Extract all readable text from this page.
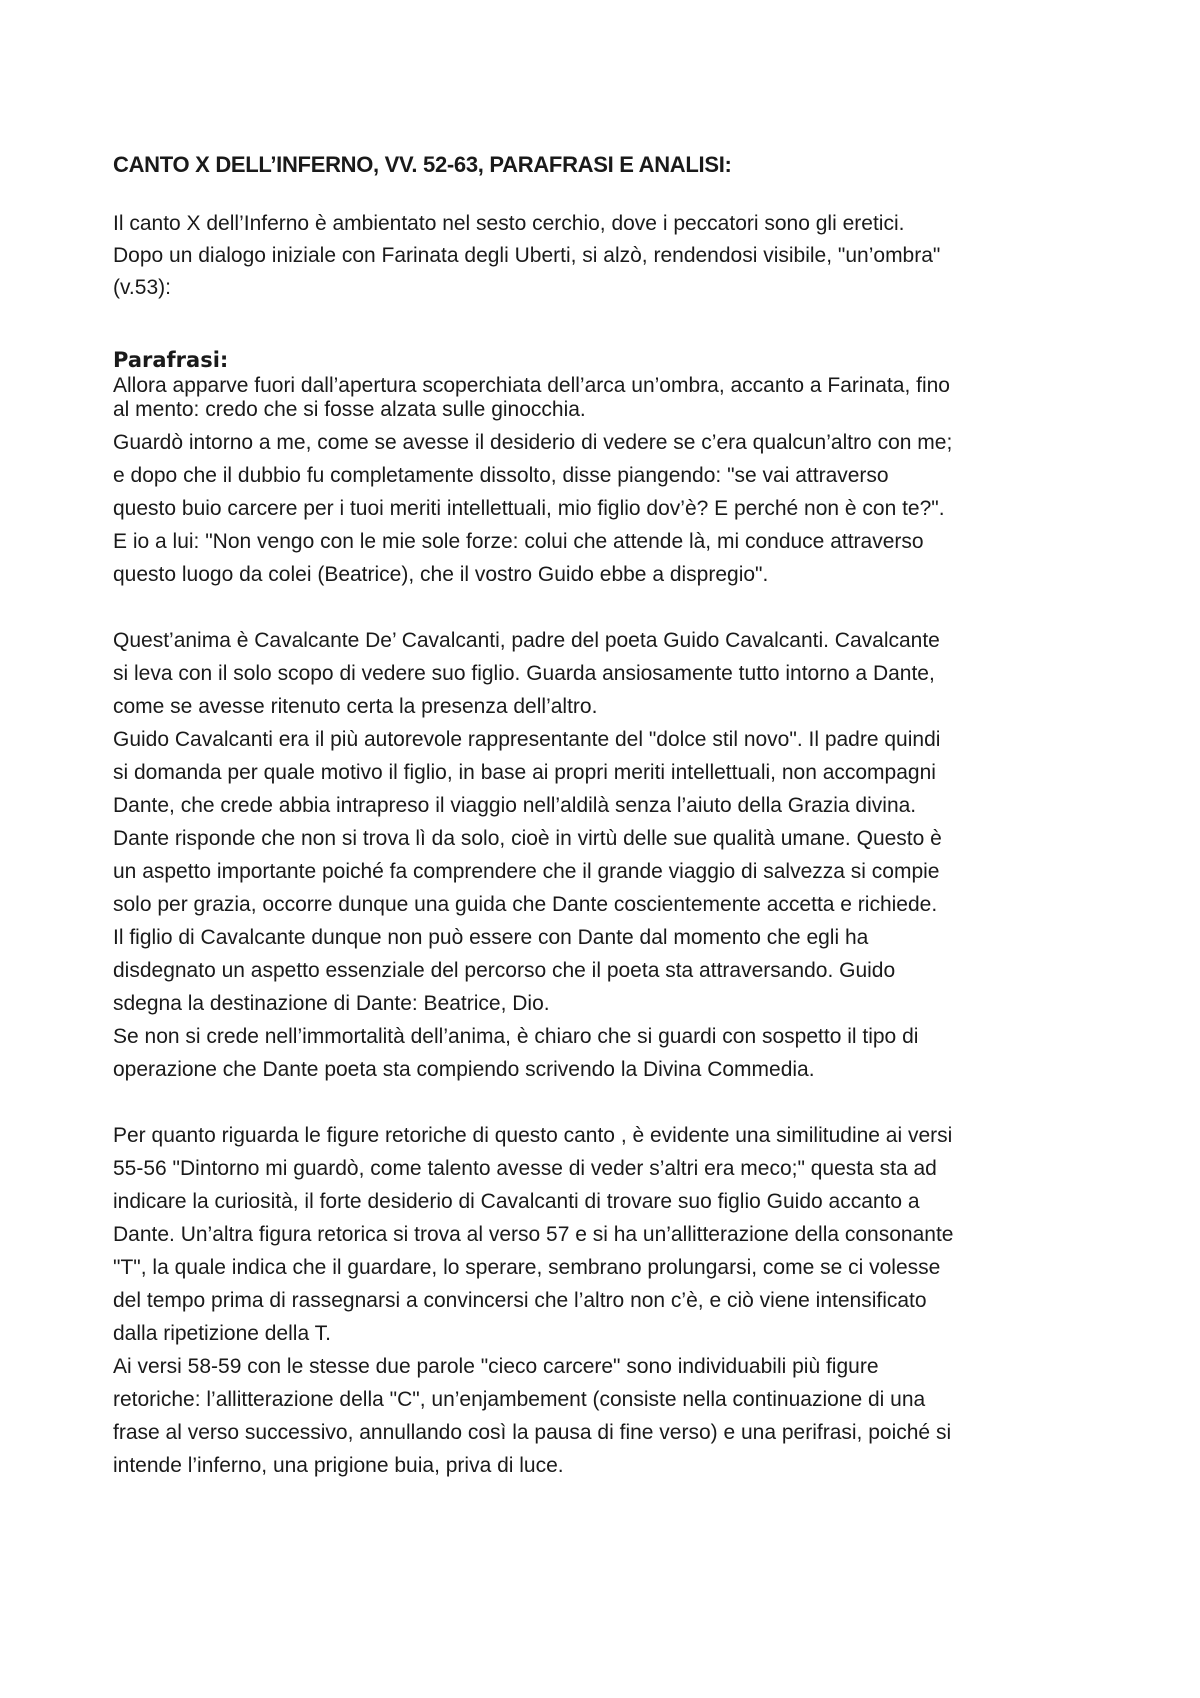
CANTO X DELL’INFERNO, VV. 52-63, PARAFRASI E ANALISI:

Il canto X dell’Inferno è ambientato nel sesto cerchio, dove i peccatori sono gli eretici.
Dopo un dialogo iniziale con Farinata degli Uberti, si alzò, rendendosi visibile, "un’ombra"
(v.53):

Parafrasi:

Allora apparve fuori dall’apertura scoperchiata dell’arca un’ombra, accanto a Farinata, fino
al mento: credo che si fosse alzata sulle ginocchia.

Guardò intorno a me, come se avesse il desiderio di vedere se c’era qualcun’altro con me;
e dopo che il dubbio fu completamente dissolto, disse piangendo: "se vai attraverso
questo buio carcere per i tuoi meriti intellettuali, mio figlio dov’è? E perché non è con te?".
E io a lui: "Non vengo con le mie sole forze: colui che attende là, mi conduce attraverso
questo luogo da colei (Beatrice), che il vostro Guido ebbe a dispregio".

Quest’anima è Cavalcante De’ Cavalcanti, padre del poeta Guido Cavalcanti. Cavalcante
si leva con il solo scopo di vedere suo figlio. Guarda ansiosamente tutto intorno a Dante,
come se avesse ritenuto certa la presenza dell’altro.
Guido Cavalcanti era il più autorevole rappresentante del "dolce stil novo". Il padre quindi
si domanda per quale motivo il figlio, in base ai propri meriti intellettuali, non accompagni
Dante, che crede abbia intrapreso il viaggio nell’aldilà senza l’aiuto della Grazia divina.
Dante risponde che non si trova lì da solo, cioè in virtù delle sue qualità umane. Questo è
un aspetto importante poiché fa comprendere che il grande viaggio di salvezza si compie
solo per grazia, occorre dunque una guida che Dante coscientemente accetta e richiede.
Il figlio di Cavalcante dunque non può essere con Dante dal momento che egli ha
disdegnato un aspetto essenziale del percorso che il poeta sta attraversando. Guido
sdegna la destinazione di Dante: Beatrice, Dio.
Se non si crede nell’immortalità dell’anima, è chiaro che si guardi con sospetto il tipo di
operazione che Dante poeta sta compiendo scrivendo la Divina Commedia.

Per quanto riguarda le figure retoriche di questo canto , è evidente una similitudine ai versi
55-56 "Dintorno mi guardò, come talento avesse di veder s’altri era meco;" questa sta ad
indicare la curiosità, il forte desiderio di Cavalcanti di trovare suo figlio Guido accanto a
Dante. Un’altra figura retorica si trova al verso 57 e si ha un’allitterazione della consonante
"T", la quale indica che il guardare, lo sperare, sembrano prolungarsi, come se ci volesse
del tempo prima di rassegnarsi a convincersi che l’altro non c’è, e ciò viene intensificato
dalla ripetizione della T.
Ai versi 58-59 con le stesse due parole "cieco carcere" sono individuabili più figure
retoriche: l’allitterazione della "C", un’enjambement (consiste nella continuazione di una
frase al verso successivo, annullando così la pausa di fine verso) e una perifrasi, poiché si
intende l’inferno, una prigione buia, priva di luce.
